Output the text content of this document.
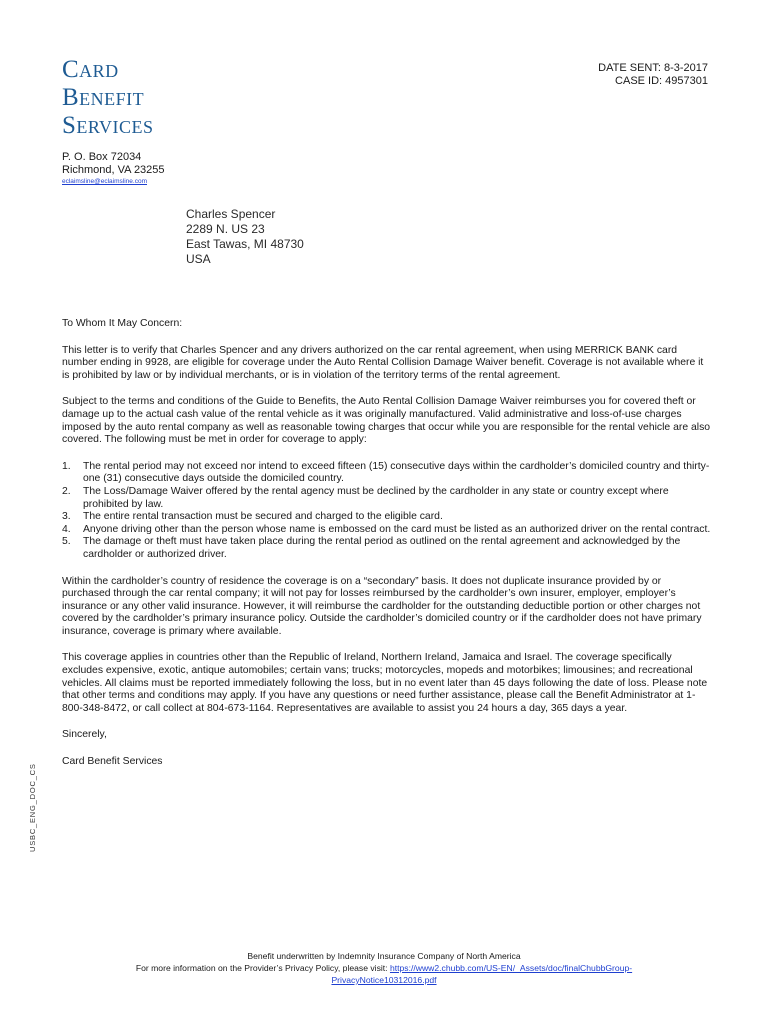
Card
Benefit
Services
P. O. Box 72034
Richmond, VA 23255
eclaimsline@eclaimsline.com
DATE SENT: 8-3-2017
CASE ID: 4957301
Charles Spencer
2289 N. US 23
East Tawas, MI 48730
USA

To Whom It May Concern:

This letter is to verify that Charles Spencer and any drivers authorized on the car rental agreement, when using MERRICK BANK card number ending in 9928, are eligible for coverage under the Auto Rental Collision Damage Waiver benefit. Coverage is not available where it is prohibited by law or by individual merchants, or is in violation of the territory terms of the rental agreement.

Subject to the terms and conditions of the Guide to Benefits, the Auto Rental Collision Damage Waiver reimburses you for covered theft or damage up to the actual cash value of the rental vehicle as it was originally manufactured. Valid administrative and loss-of-use charges imposed by the auto rental company as well as reasonable towing charges that occur while you are responsible for the rental vehicle are also covered. The following must be met in order for coverage to apply:

1. The rental period may not exceed nor intend to exceed fifteen (15) consecutive days within the cardholder’s domiciled country and thirty-one (31) consecutive days outside the domiciled country.
2. The Loss/Damage Waiver offered by the rental agency must be declined by the cardholder in any state or country except where prohibited by law.
3. The entire rental transaction must be secured and charged to the eligible card.
4. Anyone driving other than the person whose name is embossed on the card must be listed as an authorized driver on the rental contract.
5. The damage or theft must have taken place during the rental period as outlined on the rental agreement and acknowledged by the cardholder or authorized driver.

Within the cardholder’s country of residence the coverage is on a “secondary” basis. It does not duplicate insurance provided by or purchased through the car rental company; it will not pay for losses reimbursed by the cardholder’s own insurer, employer, employer’s insurance or any other valid insurance. However, it will reimburse the cardholder for the outstanding deductible portion or other charges not covered by the cardholder’s primary insurance policy. Outside the cardholder’s domiciled country or if the cardholder does not have primary insurance, coverage is primary where available.

This coverage applies in countries other than the Republic of Ireland, Northern Ireland, Jamaica and Israel. The coverage specifically excludes expensive, exotic, antique automobiles; certain vans; trucks; motorcycles, mopeds and motorbikes; limousines; and recreational vehicles. All claims must be reported immediately following the loss, but in no event later than 45 days following the date of loss. Please note that other terms and conditions may apply. If you have any questions or need further assistance, please call the Benefit Administrator at 1-800-348-8472, or call collect at 804-673-1164. Representatives are available to assist you 24 hours a day, 365 days a year.

Sincerely,

Card Benefit Services

USBC_ENG_DOC_CS
Benefit underwritten by Indemnity Insurance Company of North America
For more information on the Provider’s Privacy Policy, please visit: https://www2.chubb.com/US-EN/_Assets/doc/finalChubbGroup-
PrivacyNotice10312016.pdf
